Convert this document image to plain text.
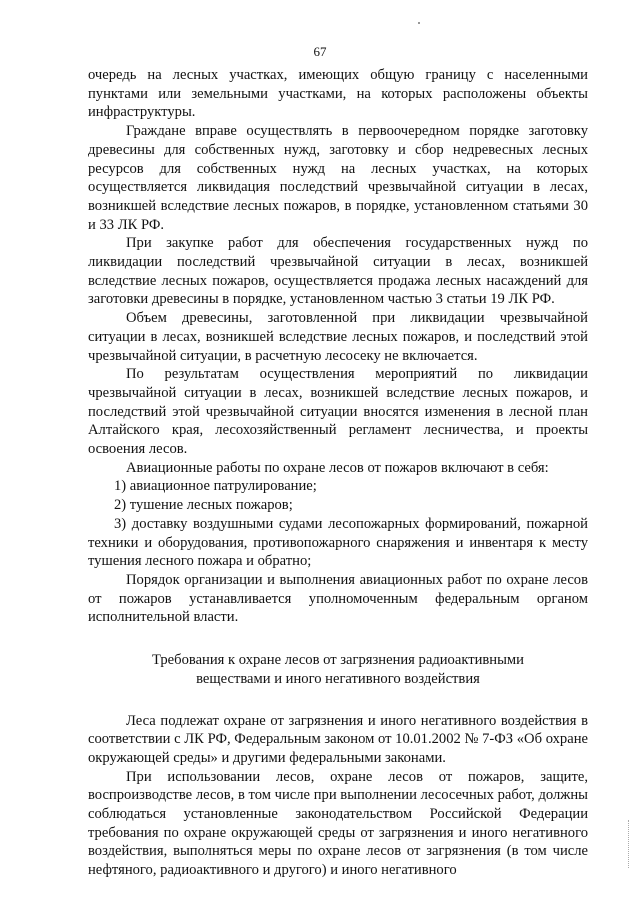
67

очередь на лесных участках, имеющих общую границу с населенными пунктами или земельными участками, на которых расположены объекты инфраструктуры.

Граждане вправе осуществлять в первоочередном порядке заготовку древесины для собственных нужд, заготовку и сбор недревесных лесных ресурсов для собственных нужд на лесных участках, на которых осуществляется ликвидация последствий чрезвычайной ситуации в лесах, возникшей вследствие лесных пожаров, в порядке, установленном статьями 30 и 33 ЛК РФ.

При закупке работ для обеспечения государственных нужд по ликвидации последствий чрезвычайной ситуации в лесах, возникшей вследствие лесных пожаров, осуществляется продажа лесных насаждений для заготовки древесины в порядке, установленном частью 3 статьи 19 ЛК РФ.

Объем древесины, заготовленной при ликвидации чрезвычайной ситуации в лесах, возникшей вследствие лесных пожаров, и последствий этой чрезвычайной ситуации, в расчетную лесосеку не включается.

По результатам осуществления мероприятий по ликвидации чрезвычайной ситуации в лесах, возникшей вследствие лесных пожаров, и последствий этой чрезвычайной ситуации вносятся изменения в лесной план Алтайского края, лесохозяйственный регламент лесничества, и проекты освоения лесов.

Авиационные работы по охране лесов от пожаров включают в себя:

1) авиационное патрулирование;

2) тушение лесных пожаров;

3) доставку воздушными судами лесопожарных формирований, пожарной техники и оборудования, противопожарного снаряжения и инвентаря к месту тушения лесного пожара и обратно;

Порядок организации и выполнения авиационных работ по охране лесов от пожаров устанавливается уполномоченным федеральным органом исполнительной власти.

Требования к охране лесов от загрязнения радиоактивными
веществами и иного негативного воздействия

Леса подлежат охране от загрязнения и иного негативного воздействия в соответствии с ЛК РФ, Федеральным законом от 10.01.2002 № 7-ФЗ «Об охране окружающей среды» и другими федеральными законами.

При использовании лесов, охране лесов от пожаров, защите, воспроизводстве лесов, в том числе при выполнении лесосечных работ, должны соблюдаться установленные законодательством Российской Федерации требования по охране окружающей среды от загрязнения и иного негативного воздействия, выполняться меры по охране лесов от загрязнения (в том числе нефтяного, радиоактивного и другого) и иного негативного
